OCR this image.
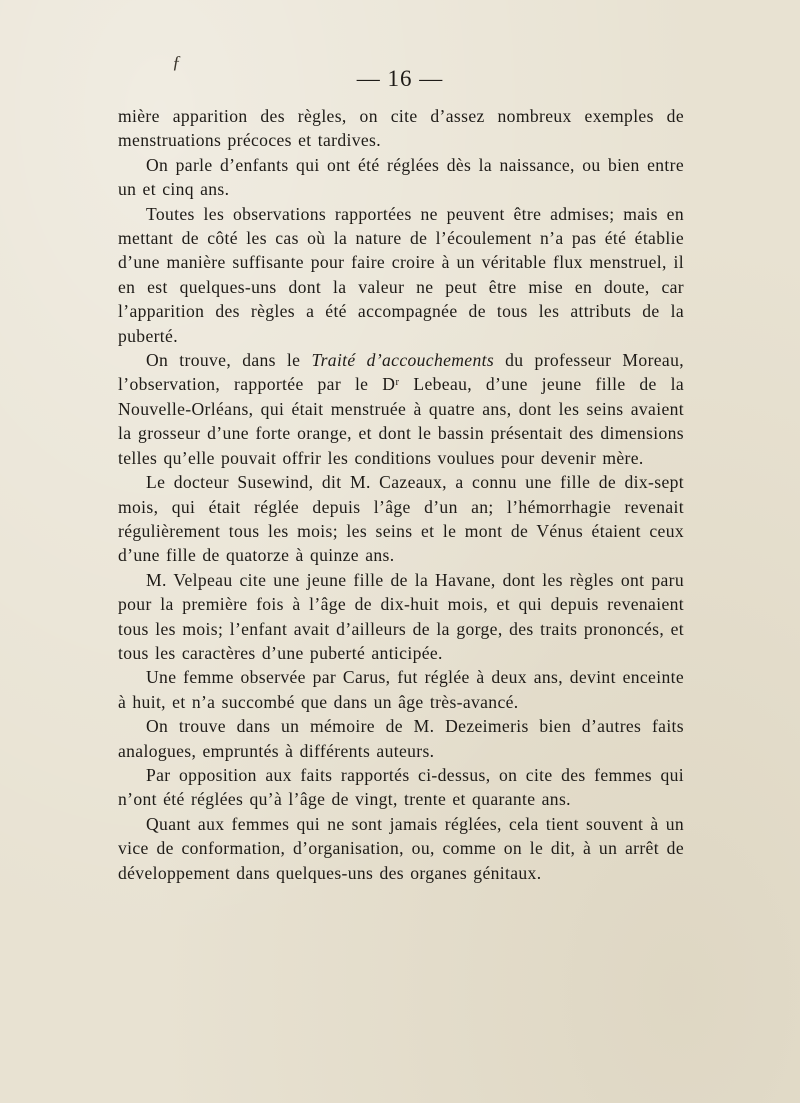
ƒ
— 16 —

mière apparition des règles, on cite d’assez nombreux exemples de menstruations précoces et tardives.

On parle d’enfants qui ont été réglées dès la naissance, ou bien entre un et cinq ans.

Toutes les observations rapportées ne peuvent être admises; mais en mettant de côté les cas où la nature de l’écoulement n’a pas été établie d’une manière suffisante pour faire croire à un véritable flux menstruel, il en est quelques-uns dont la valeur ne peut être mise en doute, car l’apparition des règles a été accompagnée de tous les attributs de la puberté.

On trouve, dans le Traité d’accouchements du professeur Moreau, l’observation, rapportée par le Dʳ Lebeau, d’une jeune fille de la Nouvelle-Orléans, qui était menstruée à quatre ans, dont les seins avaient la grosseur d’une forte orange, et dont le bassin présentait des dimensions telles qu’elle pouvait offrir les conditions voulues pour devenir mère.

Le docteur Susewind, dit M. Cazeaux, a connu une fille de dix-sept mois, qui était réglée depuis l’âge d’un an; l’hémorrhagie revenait régulièrement tous les mois; les seins et le mont de Vénus étaient ceux d’une fille de quatorze à quinze ans.

M. Velpeau cite une jeune fille de la Havane, dont les règles ont paru pour la première fois à l’âge de dix-huit mois, et qui depuis revenaient tous les mois; l’enfant avait d’ailleurs de la gorge, des traits prononcés, et tous les caractères d’une puberté anticipée.

Une femme observée par Carus, fut réglée à deux ans, devint enceinte à huit, et n’a succombé que dans un âge très-avancé.

On trouve dans un mémoire de M. Dezeimeris bien d’autres faits analogues, empruntés à différents auteurs.

Par opposition aux faits rapportés ci-dessus, on cite des femmes qui n’ont été réglées qu’à l’âge de vingt, trente et quarante ans.

Quant aux femmes qui ne sont jamais réglées, cela tient souvent à un vice de conformation, d’organisation, ou, comme on le dit, à un arrêt de développement dans quelques-uns des organes génitaux.
